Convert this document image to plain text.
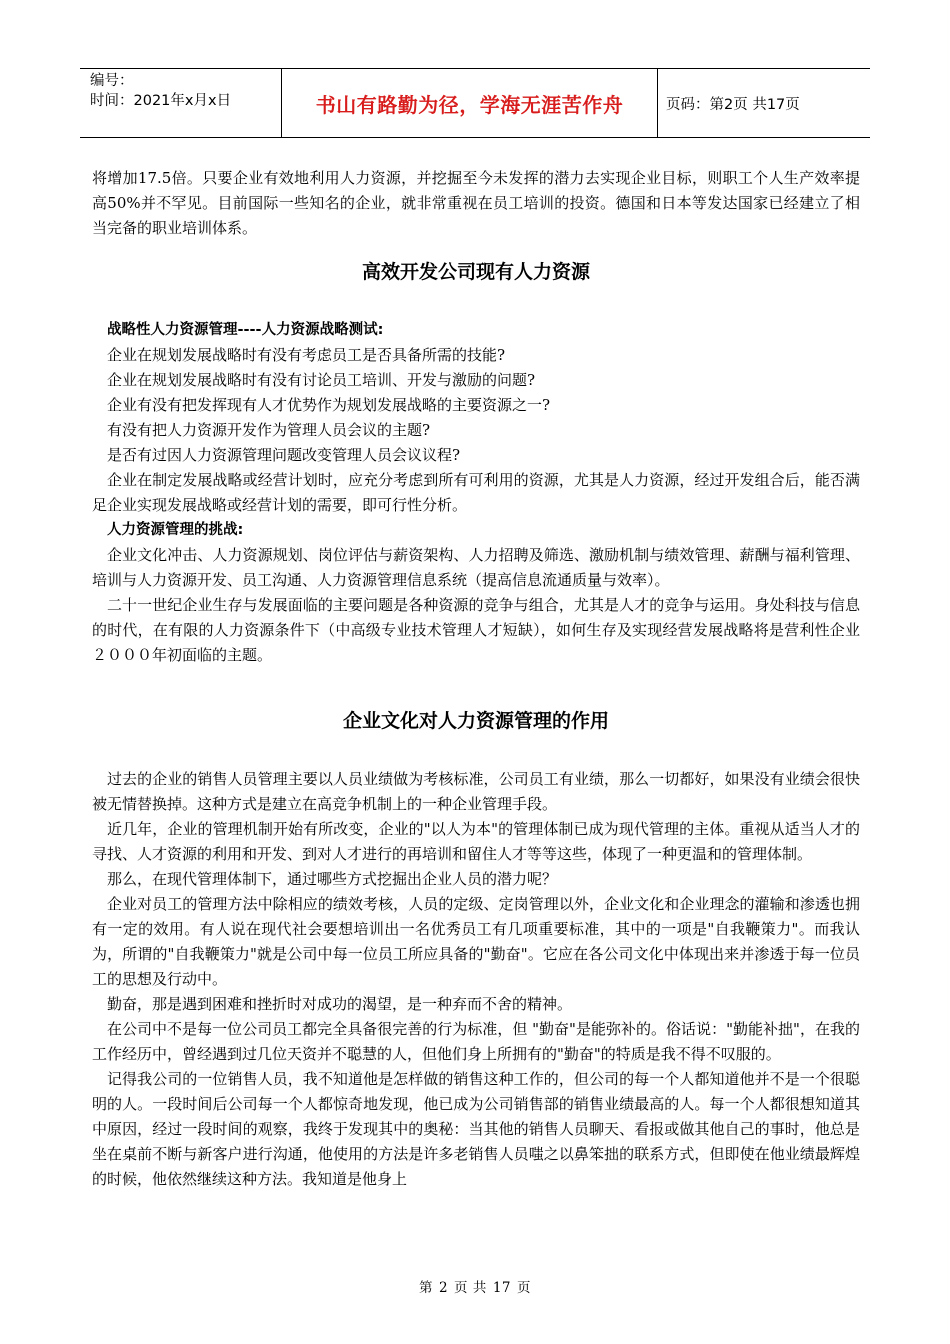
编号：
时间：2021年x月x日	书山有路勤为径，学海无涯苦作舟	页码：第2页 共17页

将增加17.5倍。只要企业有效地利用人力资源，并挖掘至今未发挥的潜力去实现企业目标，则职工个人生产效率提高50%并不罕见。目前国际一些知名的企业，就非常重视在员工培训的投资。德国和日本等发达国家已经建立了相当完备的职业培训体系。

高效开发公司现有人力资源

战略性人力资源管理----人力资源战略测试:

企业在规划发展战略时有没有考虑员工是否具备所需的技能?

企业在规划发展战略时有没有讨论员工培训、开发与激励的问题?

企业有没有把发挥现有人才优势作为规划发展战略的主要资源之一?

有没有把人力资源开发作为管理人员会议的主题?

是否有过因人力资源管理问题改变管理人员会议议程?

企业在制定发展战略或经营计划时，应充分考虑到所有可利用的资源，尤其是人力资源，经过开发组合后，能否满足企业实现发展战略或经营计划的需要，即可行性分析。

人力资源管理的挑战:

企业文化冲击、人力资源规划、岗位评估与薪资架构、人力招聘及筛选、激励机制与绩效管理、薪酬与福利管理、培训与人力资源开发、员工沟通、人力资源管理信息系统（提高信息流通质量与效率）。

二十一世纪企业生存与发展面临的主要问题是各种资源的竞争与组合，尤其是人才的竞争与运用。身处科技与信息的时代，在有限的人力资源条件下（中高级专业技术管理人才短缺），如何生存及实现经营发展战略将是营利性企业２０００年初面临的主题。

企业文化对人力资源管理的作用

过去的企业的销售人员管理主要以人员业绩做为考核标准，公司员工有业绩，那么一切都好，如果没有业绩会很快被无情替换掉。这种方式是建立在高竞争机制上的一种企业管理手段。

近几年，企业的管理机制开始有所改变，企业的"以人为本"的管理体制已成为现代管理的主体。重视从适当人才的寻找、人才资源的利用和开发、到对人才进行的再培训和留住人才等等这些，体现了一种更温和的管理体制。

那么，在现代管理体制下，通过哪些方式挖掘出企业人员的潜力呢？

企业对员工的管理方法中除相应的绩效考核，人员的定级、定岗管理以外，企业文化和企业理念的灌输和渗透也拥有一定的效用。有人说在现代社会要想培训出一名优秀员工有几项重要标准，其中的一项是"自我鞭策力"。而我认为，所谓的"自我鞭策力"就是公司中每一位员工所应具备的"勤奋"。它应在各公司文化中体现出来并渗透于每一位员工的思想及行动中。

勤奋，那是遇到困难和挫折时对成功的渴望，是一种弃而不舍的精神。

在公司中不是每一位公司员工都完全具备很完善的行为标准，但 "勤奋"是能弥补的。俗话说："勤能补拙"，在我的工作经历中，曾经遇到过几位天资并不聪慧的人，但他们身上所拥有的"勤奋"的特质是我不得不叹服的。

记得我公司的一位销售人员，我不知道他是怎样做的销售这种工作的，但公司的每一个人都知道他并不是一个很聪明的人。一段时间后公司每一个人都惊奇地发现，他已成为公司销售部的销售业绩最高的人。每一个人都很想知道其中原因，经过一段时间的观察，我终于发现其中的奥秘：当其他的销售人员聊天、看报或做其他自己的事时，他总是坐在桌前不断与新客户进行沟通，他使用的方法是许多老销售人员嗤之以鼻笨拙的联系方式，但即使在他业绩最辉煌的时候，他依然继续这种方法。我知道是他身上

第 2 页 共 17 页
